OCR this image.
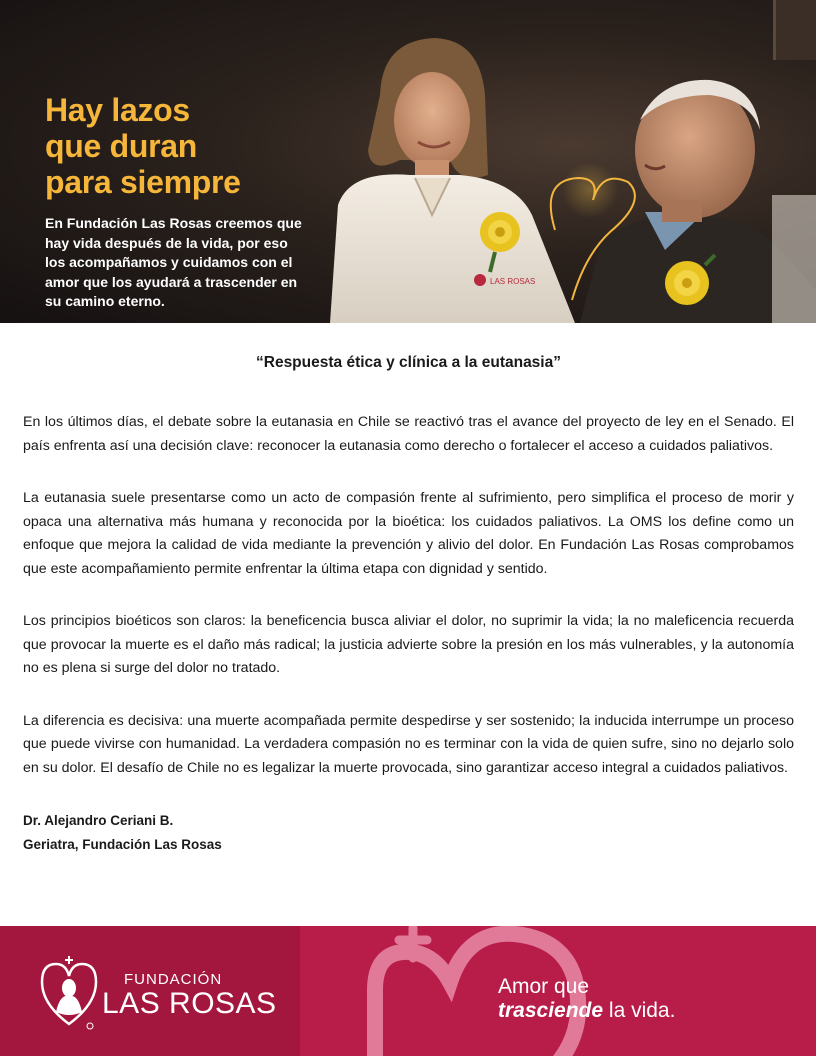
LAS ROSAS
Hay lazos
que duran
para siempre

En Fundación Las Rosas creemos que hay vida después de la vida, por eso los acompañamos y cuidamos con el amor que los ayudará a trascender en su camino eterno.

“Respuesta ética y clínica a la eutanasia”

En los últimos días, el debate sobre la eutanasia en Chile se reactivó tras el avance del proyecto de ley en el Senado. El país enfrenta así una decisión clave: reconocer la eutanasia como derecho o fortalecer el acceso a cuidados paliativos.

La eutanasia suele presentarse como un acto de compasión frente al sufrimiento, pero simplifica el proceso de morir y opaca una alternativa más humana y reconocida por la bioética: los cuidados paliativos. La OMS los define como un enfoque que mejora la calidad de vida mediante la prevención y alivio del dolor. En Fundación Las Rosas comprobamos que este acompañamiento permite enfrentar la última etapa con dignidad y sentido.

Los principios bioéticos son claros: la beneficencia busca aliviar el dolor, no suprimir la vida; la no maleficencia recuerda que provocar la muerte es el daño más radical; la justicia advierte sobre la presión en los más vulnerables, y la autonomía no es plena si surge del dolor no tratado.

La diferencia es decisiva: una muerte acompañada permite despedirse y ser sostenido; la inducida interrumpe un proceso que puede vivirse con humanidad. La verdadera compasión no es terminar con la vida de quien sufre, sino no dejarlo solo en su dolor. El desafío de Chile no es legalizar la muerte provocada, sino garantizar acceso integral a cuidados paliativos.

Dr. Alejandro Ceriani B.
Geriatra, Fundación Las Rosas
FUNDACIÓN
LAS ROSAS
Amor que
trasciende la vida.
